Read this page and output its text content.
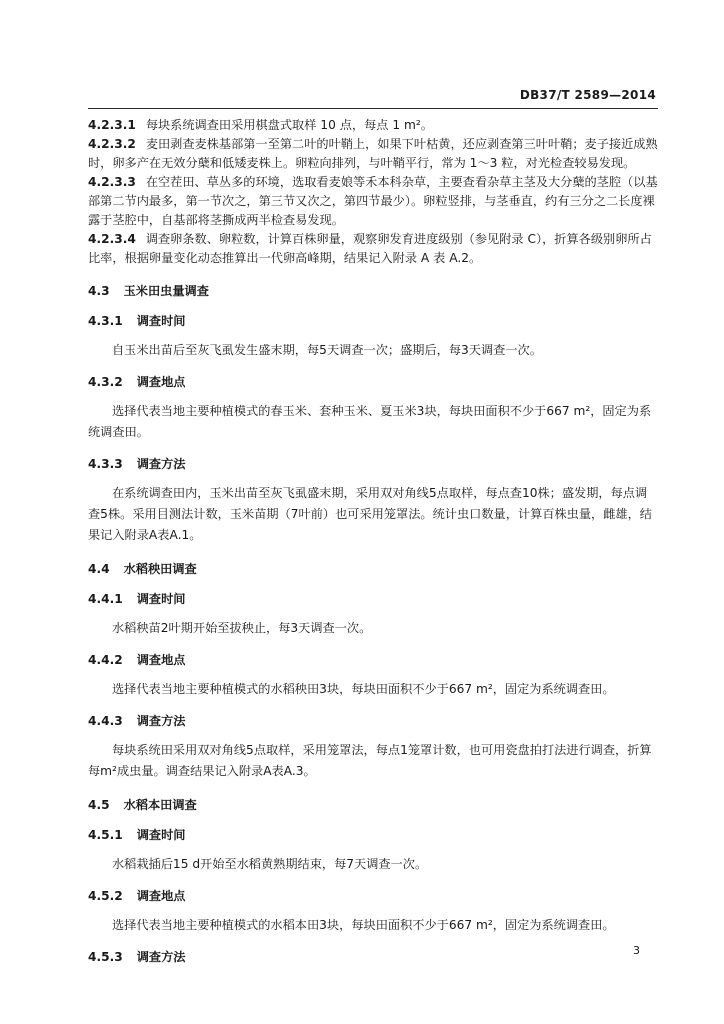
DB37/T 2589—2014

4.2.3.1 每块系统调查田采用棋盘式取样 10 点，每点 1 m²。

4.2.3.2 麦田剥查麦株基部第一至第二叶的叶鞘上，如果下叶枯黄，还应剥查第三叶叶鞘；麦子接近成熟时，卵多产在无效分蘖和低矮麦株上。卵粒向排列，与叶鞘平行，常为 1～3 粒，对光检查较易发现。

4.2.3.3 在空茬田、草丛多的环境，选取看麦娘等禾本科杂草，主要查看杂草主茎及大分蘖的茎腔（以基部第二节内最多，第一节次之，第三节又次之，第四节最少）。卵粒竖排，与茎垂直，约有三分之二长度裸露于茎腔中，自基部将茎撕成两半检查易发现。

4.2.3.4 调查卵条数、卵粒数，计算百株卵量，观察卵发育进度级别（参见附录 C），折算各级别卵所占比率，根据卵量变化动态推算出一代卵高峰期，结果记入附录 A 表 A.2。

4.3 玉米田虫量调查
4.3.1 调查时间

自玉米出苗后至灰飞虱发生盛末期，每5天调查一次；盛期后，每3天调查一次。

4.3.2 调查地点

选择代表当地主要种植模式的春玉米、套种玉米、夏玉米3块，每块田面积不少于667 m²，固定为系统调查田。

4.3.3 调查方法

在系统调查田内，玉米出苗至灰飞虱盛末期，采用双对角线5点取样，每点查10株；盛发期，每点调查5株。采用目测法计数，玉米苗期（7叶前）也可采用笼罩法。统计虫口数量，计算百株虫量，雌雄，结果记入附录A表A.1。

4.4 水稻秧田调查
4.4.1 调查时间

水稻秧苗2叶期开始至拔秧止，每3天调查一次。

4.4.2 调查地点

选择代表当地主要种植模式的水稻秧田3块，每块田面积不少于667 m²，固定为系统调查田。

4.4.3 调查方法

每块系统田采用双对角线5点取样，采用笼罩法，每点1笼罩计数，也可用瓷盘拍打法进行调查，折算每m²成虫量。调查结果记入附录A表A.3。

4.5 水稻本田调查
4.5.1 调查时间

水稻栽插后15 d开始至水稻黄熟期结束，每7天调查一次。

4.5.2 调查地点

选择代表当地主要种植模式的水稻本田3块，每块田面积不少于667 m²，固定为系统调查田。

4.5.3 调查方法	3
